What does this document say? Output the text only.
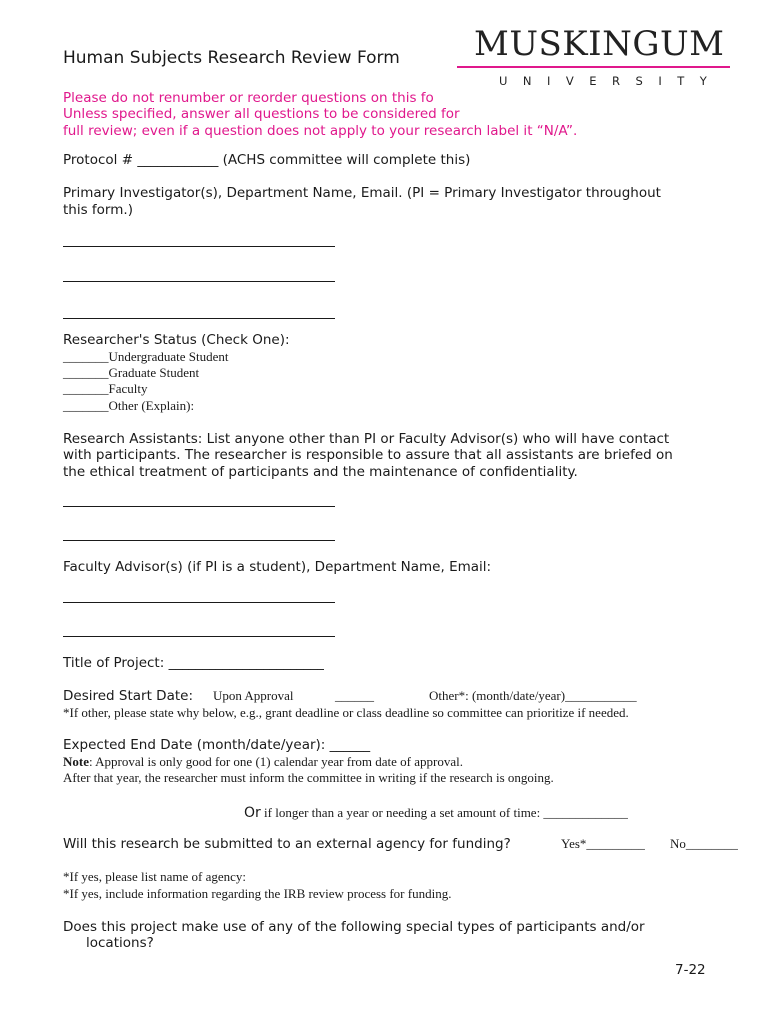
Human Subjects Research Review Form MUSKINGUM
UNIVERSITY
Please do not renumber or reorder questions on this fo
Unless specified, answer all questions to be considered for
full review; even if a question does not apply to your research label it “N/A”.
Protocol # ____________ (ACHS committee will complete this)
Primary Investigator(s), Department Name, Email. (PI = Primary Investigator throughout
this form.)
Researcher's Status (Check One):
_______Undergraduate Student
_______Graduate Student
_______Faculty
_______Other (Explain):
Research Assistants: List anyone other than PI or Faculty Advisor(s) who will have contact
with participants. The researcher is responsible to assure that all assistants are briefed on
the ethical treatment of participants and the maintenance of confidentiality.
Faculty Advisor(s) (if PI is a student), Department Name, Email:
Title of Project: _______________________
Desired Start Date: Upon Approval	______	Other*: (month/date/year)___________
*If other, please state why below, e.g., grant deadline or class deadline so committee can prioritize if needed.
Expected End Date (month/date/year): ______
Note: Approval is only good for one (1) calendar year from date of approval.
After that year, the researcher must inform the committee in writing if the research is ongoing.
Or if longer than a year or needing a set amount of time: _____________
Will this research be submitted to an external agency for funding?	Yes*_________ No________
*If yes, please list name of agency:
*If yes, include information regarding the IRB review process for funding.
Does this project make use of any of the following special types of participants and/or
locations?
7-22
